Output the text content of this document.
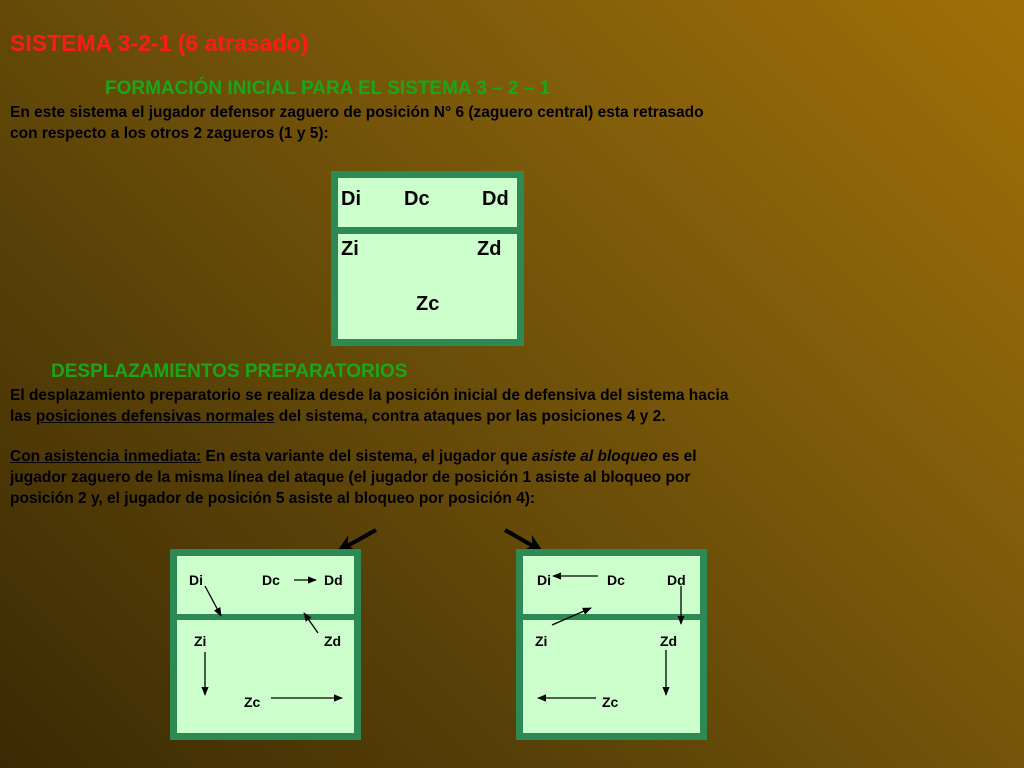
SISTEMA 3-2-1 (6 atrasado)
FORMACIÓN INICIAL PARA EL SISTEMA 3 – 2 – 1
En este sistema el jugador defensor zaguero de posición N° 6 (zaguero central) esta retrasado
con respecto a los otros 2 zagueros (1 y 5):
Di Dc	Dd
Zi	Zd
Zc
DESPLAZAMIENTOS PREPARATORIOS
El desplazamiento preparatorio se realiza desde la posición inicial de defensiva del sistema hacia
las posiciones defensivas normales del sistema, contra ataques por las posiciones 4 y 2.
Con asistencia inmediata: En esta variante del sistema, el jugador que asiste al bloqueo es el
jugador zaguero de la misma línea del ataque (el jugador de posición 1 asiste al bloqueo por
posición 2 y, el jugador de posición 5 asiste al bloqueo por posición 4):
Di	Dc	Dd
Zi	Zd
Zc
Di	Dc	Dd
Zi	Zd
Zc
